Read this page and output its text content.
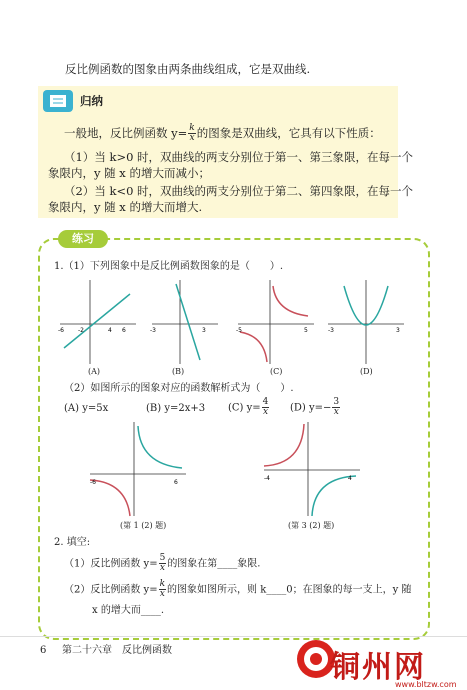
反比例函数的图象由两条曲线组成，它是双曲线.
归纳
一般地，反比例函数 $y= \frac{k}{x}$ 的图象是双曲线，它具有以下性质：
（1）当 k>0 时，双曲线的两支分别位于第一、第三象限，在每一个
象限内，y 随 x 的增大而减小；
（2）当 k<0 时，双曲线的两支分别位于第二、第四象限，在每一个
象限内，y 随 x 的增大而增大.
练习
1.（1）下列图象中是反比例函数图象的是（　　）.
-6 -2	4 6
(A)
-3	3
(B)
-5	5
(C)
-3	3
(D)
（2）如图所示的图象对应的函数解析式为（　　）.
(A) y=5x	(B) y=2x+3 (C) $y= \frac{4}{x} (D)$ $y=- \frac{3}{x}$
-6	6
(第 1 (2) 题)
-4	4
(第 3 (2) 题)
2. 填空:
（1）反比例函数 $y= \frac{5}{x}$ 的图象在第____象限.
（2）反比例函数 $y= \frac{k}{x}$ 的图象如图所示，则 k____0；在图象的每一支上，y 随
x 的增大而____.
6 第二十六章　反比例函数	铜州网
www.bltzw.com
